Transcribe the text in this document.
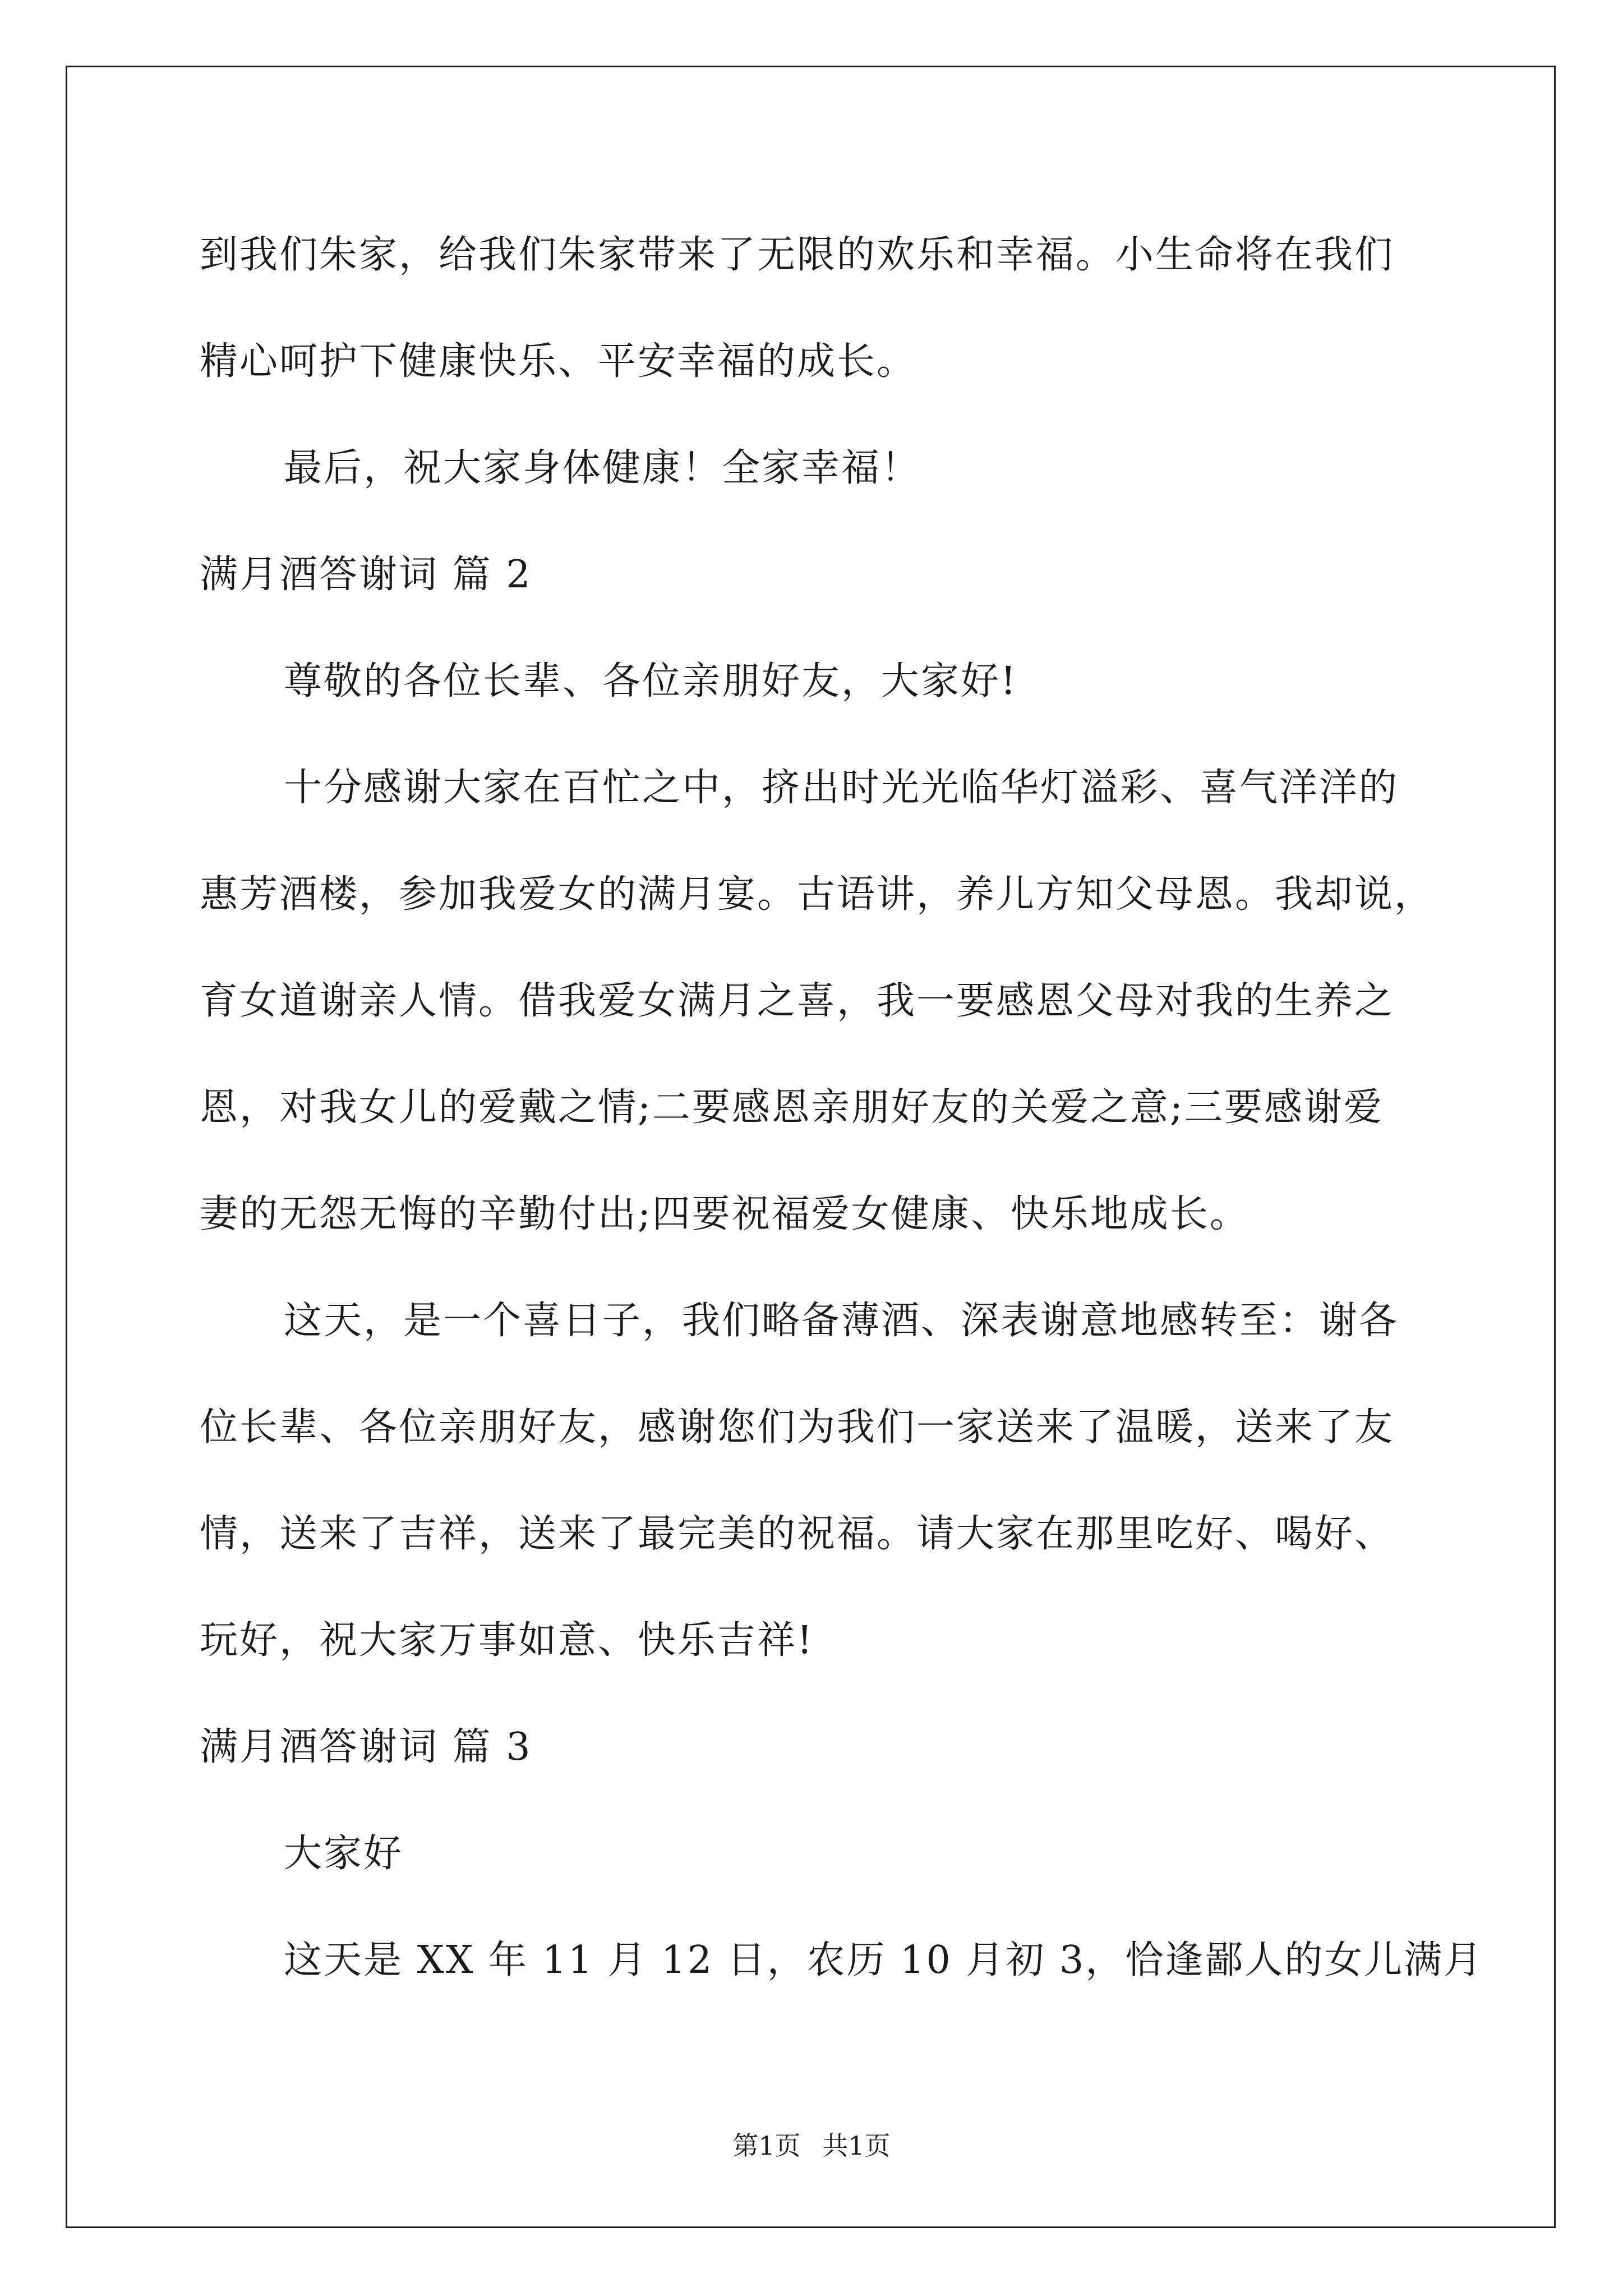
到我们朱家，给我们朱家带来了无限的欢乐和幸福。小生命将在我们
精心呵护下健康快乐、平安幸福的成长。
最后，祝大家身体健康！全家幸福！
满月酒答谢词 篇 2
尊敬的各位长辈、各位亲朋好友，大家好!
十分感谢大家在百忙之中，挤出时光光临华灯溢彩、喜气洋洋的
惠芳酒楼，参加我爱女的满月宴。古语讲，养儿方知父母恩。我却说，
育女道谢亲人情。借我爱女满月之喜，我一要感恩父母对我的生养之
恩，对我女儿的爱戴之情;二要感恩亲朋好友的关爱之意;三要感谢爱
妻的无怨无悔的辛勤付出;四要祝福爱女健康、快乐地成长。
这天，是一个喜日子，我们略备薄酒、深表谢意地感转至：谢各
位长辈、各位亲朋好友，感谢您们为我们一家送来了温暖，送来了友
情，送来了吉祥，送来了最完美的祝福。请大家在那里吃好、喝好、
玩好，祝大家万事如意、快乐吉祥!
满月酒答谢词 篇 3
大家好
这天是 XX 年 11 月 12 日，农历 10 月初 3，恰逢鄙人的女儿满月
第1页 共1页
